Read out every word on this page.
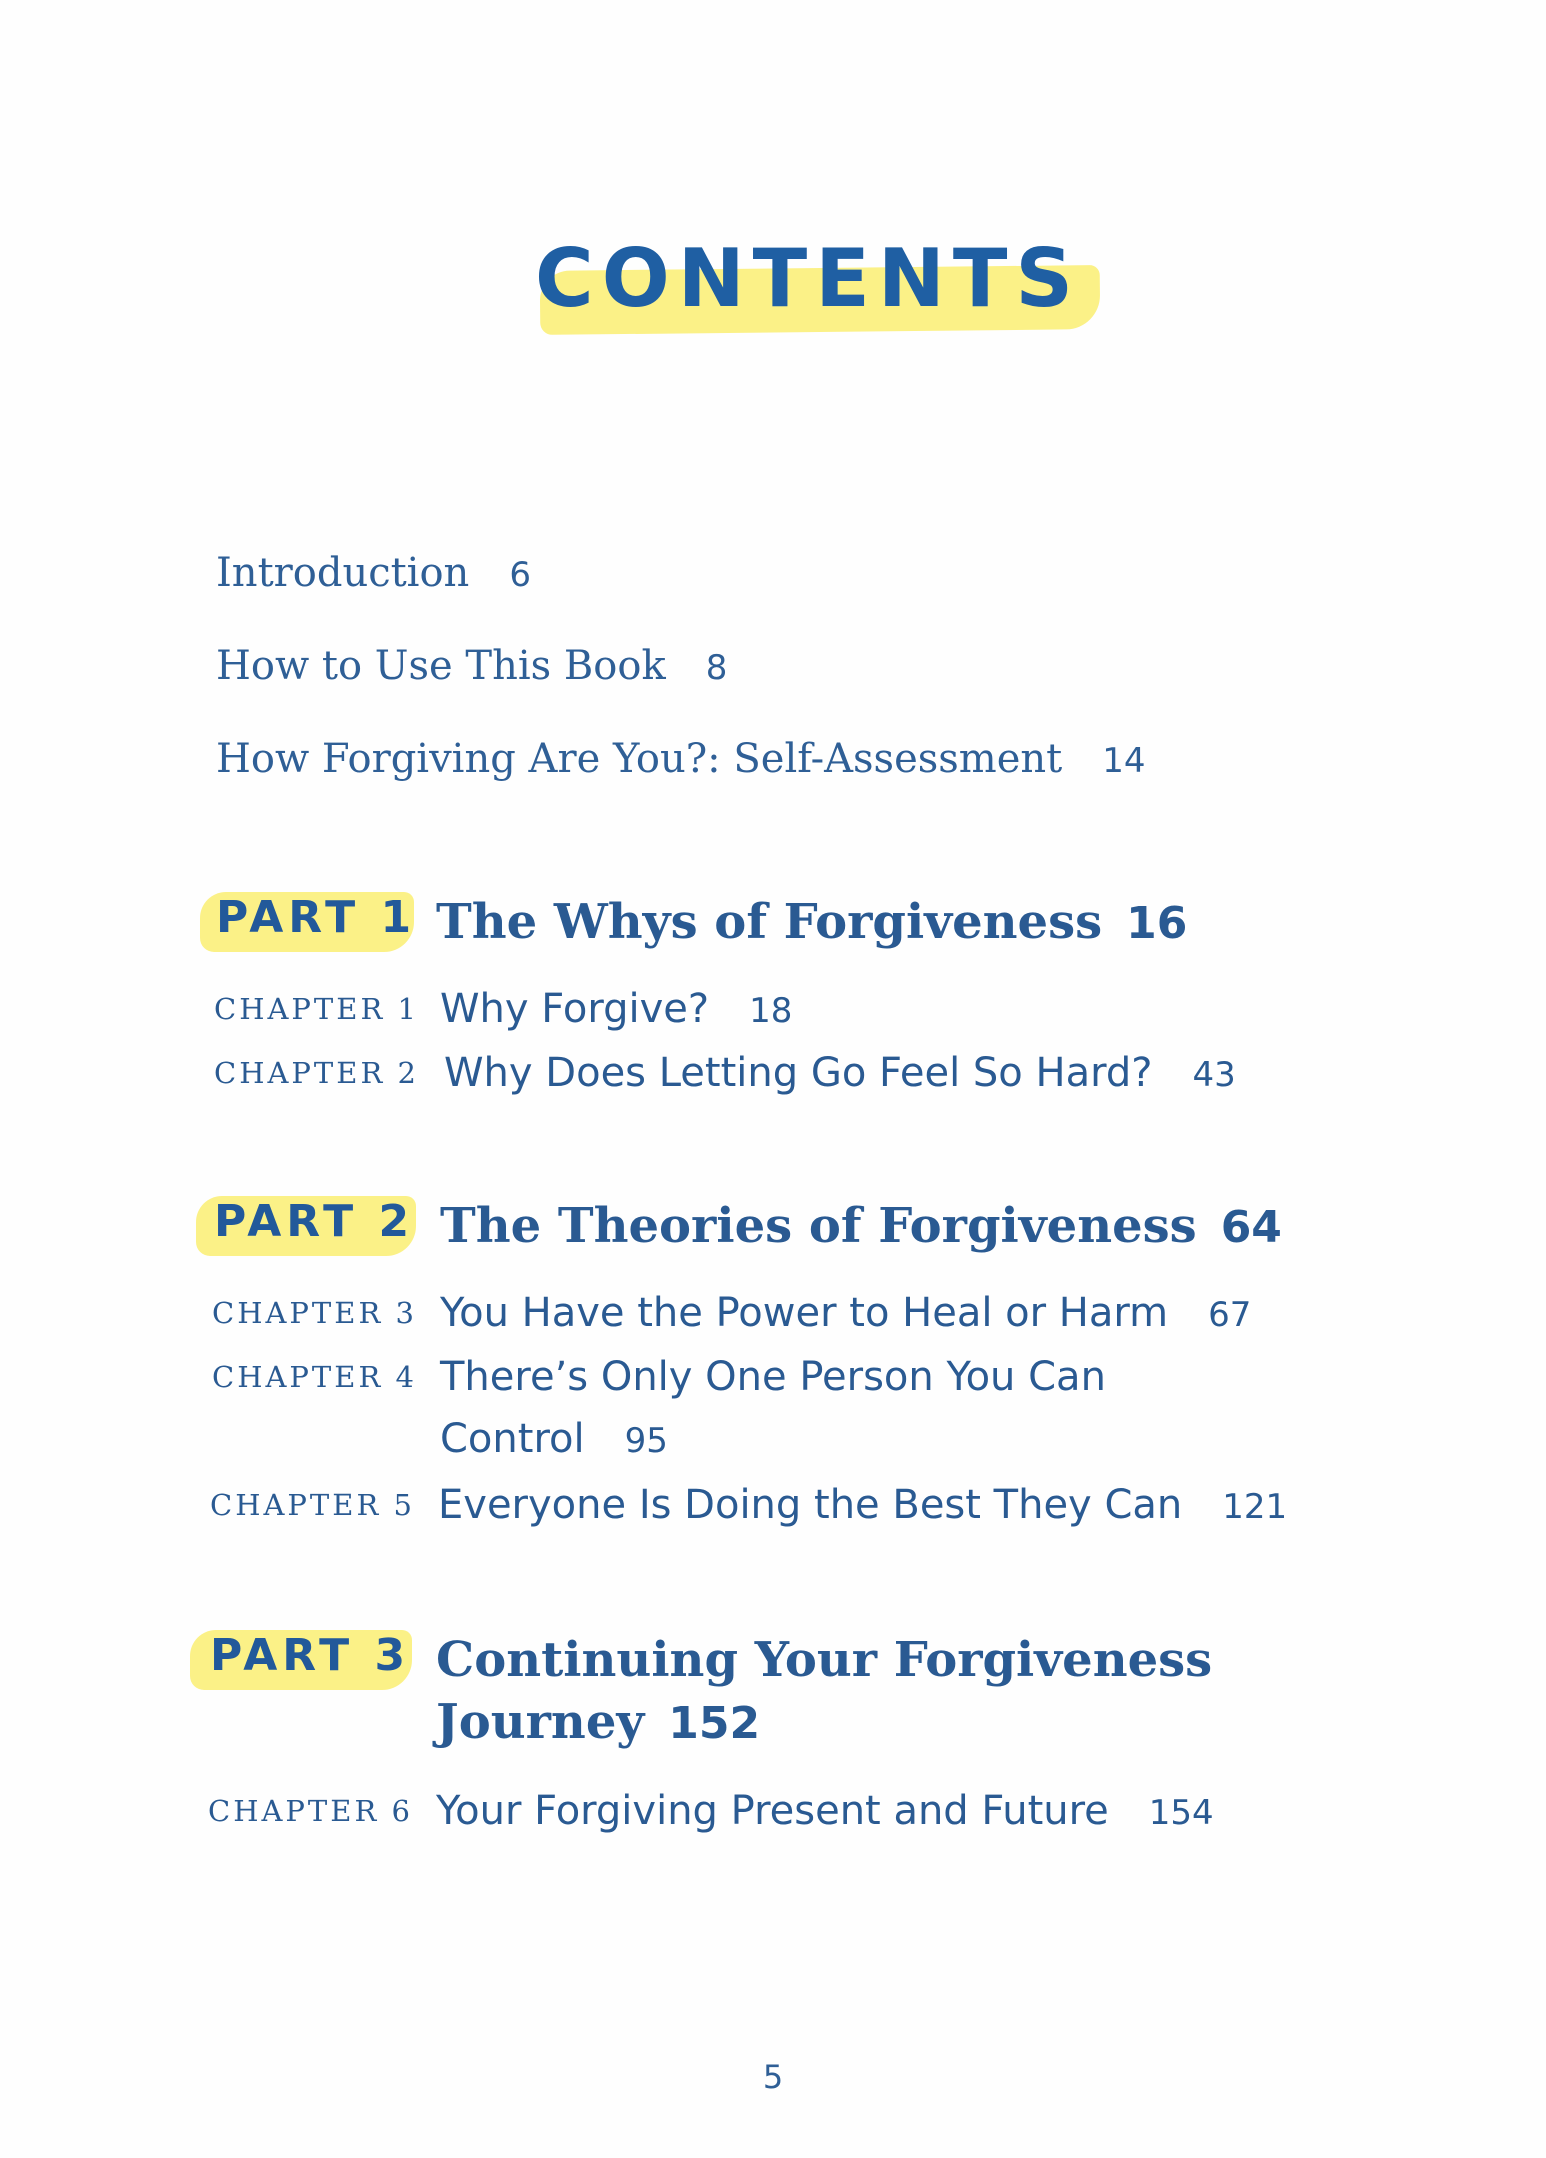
CONTENTS
Introduction 6
How to Use This Book 8
How Forgiving Are You?: Self-Assessment 14
PART 1 The Whys of Forgiveness 16
CHAPTER 1 Why Forgive? 18
CHAPTER 2 Why Does Letting Go Feel So Hard? 43
PART 2 The Theories of Forgiveness 64
CHAPTER 3 You Have the Power to Heal or Harm 67
CHAPTER 4 There’s Only One Person You Can
Control 95
CHAPTER 5 Everyone Is Doing the Best They Can 121
PART 3 Continuing Your Forgiveness
Journey 152
CHAPTER 6 Your Forgiving Present and Future 154
5
